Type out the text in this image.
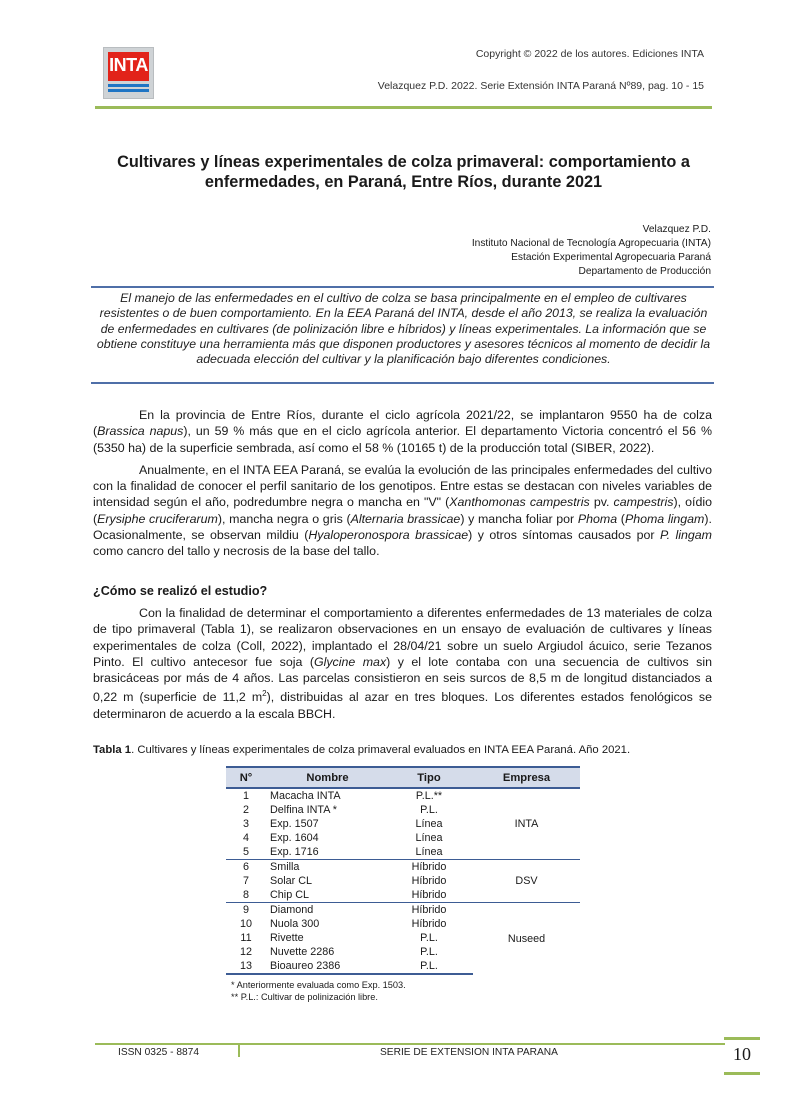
INTA
Copyright © 2022 de los autores. Ediciones INTA
Velazquez P.D. 2022. Serie Extensión INTA Paraná Nº89, pag. 10 - 15
Cultivares y líneas experimentales de colza primaveral: comportamiento a
enfermedades, en Paraná, Entre Ríos, durante 2021
Velazquez P.D.
Instituto Nacional de Tecnología Agropecuaria (INTA)
Estación Experimental Agropecuaria Paraná
Departamento de Producción
El manejo de las enfermedades en el cultivo de colza se basa principalmente en el empleo de cultivares resistentes o de buen comportamiento. En la EEA Paraná del INTA, desde el año 2013, se realiza la evaluación de enfermedades en cultivares (de polinización libre e híbridos) y líneas experimentales. La información que se obtiene constituye una herramienta más que disponen productores y asesores técnicos al momento de decidir la adecuada elección del cultivar y la planificación bajo diferentes condiciones.

En la provincia de Entre Ríos, durante el ciclo agrícola 2021/22, se implantaron 9550 ha de colza (Brassica napus), un 59 % más que en el ciclo agrícola anterior. El departamento Victoria concentró el 56 % (5350 ha) de la superficie sembrada, así como el 58 % (10165 t) de la producción total (SIBER, 2022).

Anualmente, en el INTA EEA Paraná, se evalúa la evolución de las principales enfermedades del cultivo con la finalidad de conocer el perfil sanitario de los genotipos. Entre estas se destacan con niveles variables de intensidad según el año, podredumbre negra o mancha en "V" (Xanthomonas campestris pv. campestris), oídio (Erysiphe cruciferarum), mancha negra o gris (Alternaria brassicae) y mancha foliar por Phoma (Phoma lingam). Ocasionalmente, se observan mildiu (Hyaloperonospora brassicae) y otros síntomas causados por P. lingam como cancro del tallo y necrosis de la base del tallo.

¿Cómo se realizó el estudio?

Con la finalidad de determinar el comportamiento a diferentes enfermedades de 13 materiales de colza de tipo primaveral (Tabla 1), se realizaron observaciones en un ensayo de evaluación de cultivares y líneas experimentales de colza (Coll, 2022), implantado el 28/04/21 sobre un suelo Argiudol ácuico, serie Tezanos Pinto. El cultivo antecesor fue soja (Glycine max) y el lote contaba con una secuencia de cultivos sin brasicáceas por más de 4 años. Las parcelas consistieron en seis surcos de 8,5 m de longitud distanciados a 0,22 m (superficie de 11,2 $m^2$), distribuidas al azar en tres bloques. Los diferentes estados fenológicos se determinaron de acuerdo a la escala BBCH.

Tabla 1. Cultivares y líneas experimentales de colza primaveral evaluados en INTA EEA Paraná. Año 2021.
N°	Nombre	Tipo	Empresa
1	Macacha INTA	P.L.**	INTA
2	Delfina INTA *	P.L.	
3	Exp. 1507	Línea	
4	Exp. 1604	Línea	
5	Exp. 1716	Línea	
6	Smilla	Híbrido	DSV
7	Solar CL	Híbrido	
8	Chip CL	Híbrido	
9	Diamond	Híbrido	Nuseed
10	Nuola 300	Híbrido	
11	Rivette	P.L.	
12	Nuvette 2286	P.L.	
13	Bioaureo 2386	P.L.	
* Anteriormente evaluada como Exp. 1503.
** P.L.: Cultivar de polinización libre.
ISSN 0325 - 8874	SERIE DE EXTENSION INTA PARANA	10
